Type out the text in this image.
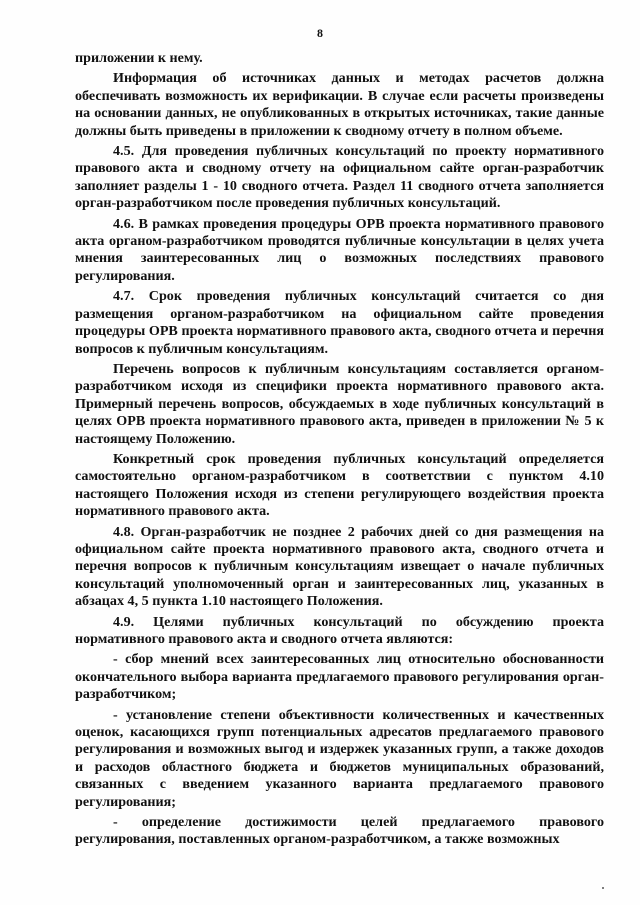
8

приложении к нему.

Информация об источниках данных и методах расчетов должна обеспечивать возможность их верификации. В случае если расчеты произведены на основании данных, не опубликованных в открытых источниках, такие данные должны быть приведены в приложении к сводному отчету в полном объеме.

4.5. Для проведения публичных консультаций по проекту нормативного правового акта и сводному отчету на официальном сайте орган-разработчик заполняет разделы 1 - 10 сводного отчета. Раздел 11 сводного отчета заполняется орган-разработчиком после проведения публичных консультаций.

4.6. В рамках проведения процедуры ОРВ проекта нормативного правового акта органом-разработчиком проводятся публичные консультации в целях учета мнения заинтересованных лиц о возможных последствиях правового регулирования.

4.7. Срок проведения публичных консультаций считается со дня размещения органом-разработчиком на официальном сайте проведения процедуры ОРВ проекта нормативного правового акта, сводного отчета и перечня вопросов к публичным консультациям.

Перечень вопросов к публичным консультациям составляется органом-разработчиком исходя из специфики проекта нормативного правового акта. Примерный перечень вопросов, обсуждаемых в ходе публичных консультаций в целях ОРВ проекта нормативного правового акта, приведен в приложении № 5 к настоящему Положению.

Конкретный срок проведения публичных консультаций определяется самостоятельно органом-разработчиком в соответствии с пунктом 4.10 настоящего Положения исходя из степени регулирующего воздействия проекта нормативного правового акта.

4.8. Орган-разработчик не позднее 2 рабочих дней со дня размещения на официальном сайте проекта нормативного правового акта, сводного отчета и перечня вопросов к публичным консультациям извещает о начале публичных консультаций уполномоченный орган и заинтересованных лиц, указанных в абзацах 4, 5 пункта 1.10 настоящего Положения.

4.9. Целями публичных консультаций по обсуждению проекта нормативного правового акта и сводного отчета являются:

- сбор мнений всех заинтересованных лиц относительно обоснованности окончательного выбора варианта предлагаемого правового регулирования орган-разработчиком;

- установление степени объективности количественных и качественных оценок, касающихся групп потенциальных адресатов предлагаемого правового регулирования и возможных выгод и издержек указанных групп, а также доходов и расходов областного бюджета и бюджетов муниципальных образований, связанных с введением указанного варианта предлагаемого правового регулирования;

- определение достижимости целей предлагаемого правового регулирования, поставленных органом-разработчиком, а также возможных
